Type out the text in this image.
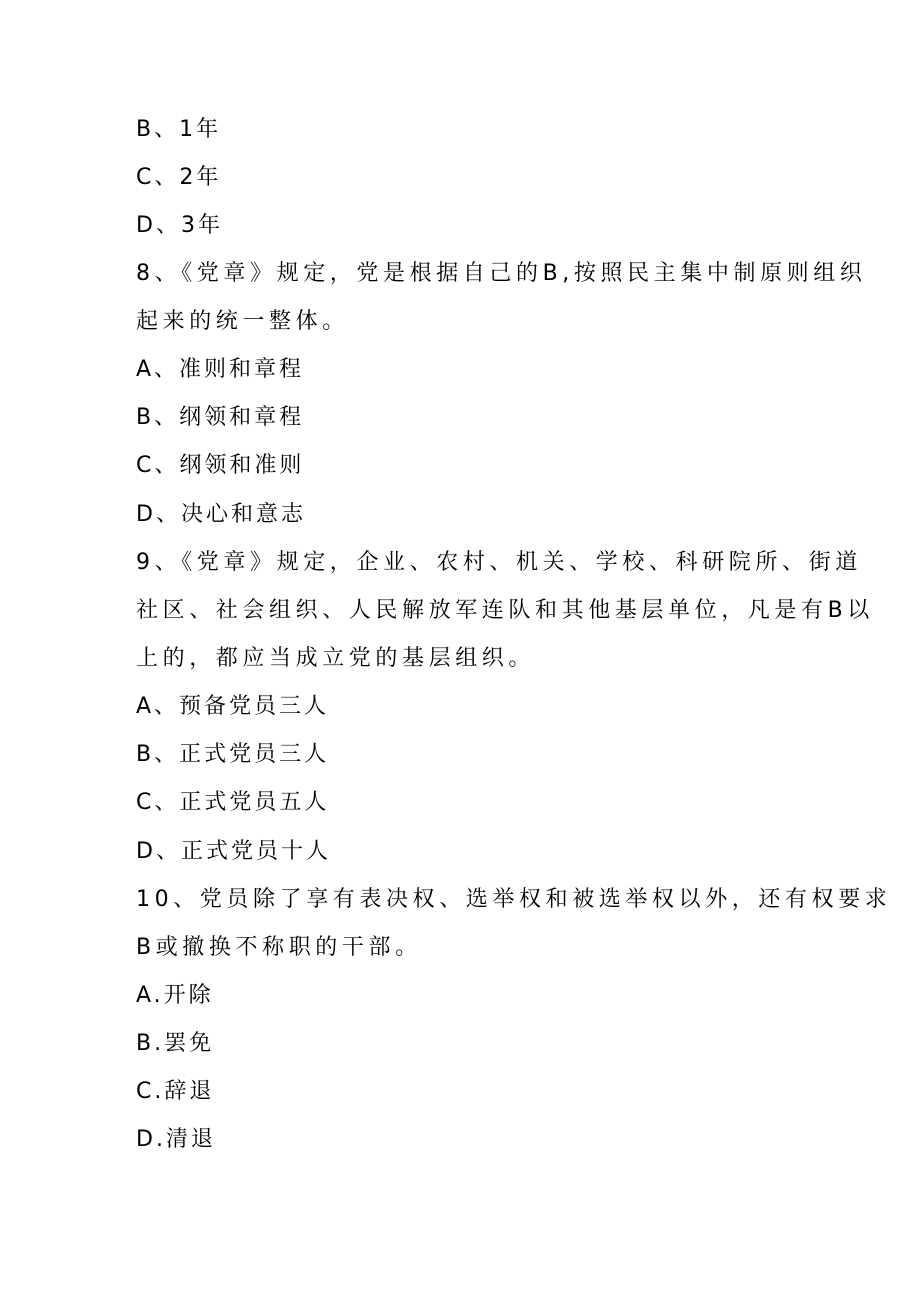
B、1年
C、2年
D、3年
8、《党章》规定，党是根据自己的B,按照民主集中制原则组织
起来的统一整体。
A、准则和章程
B、纲领和章程
C、纲领和准则
D、决心和意志
9、《党章》规定，企业、农村、机关、学校、科研院所、街道
社区、社会组织、人民解放军连队和其他基层单位，凡是有B以
上的，都应当成立党的基层组织。
A、预备党员三人
B、正式党员三人
C、正式党员五人
D、正式党员十人
10、党员除了享有表决权、选举权和被选举权以外，还有权要求
B或撤换不称职的干部。
A.开除
B.罢免
C.辞退
D.清退
